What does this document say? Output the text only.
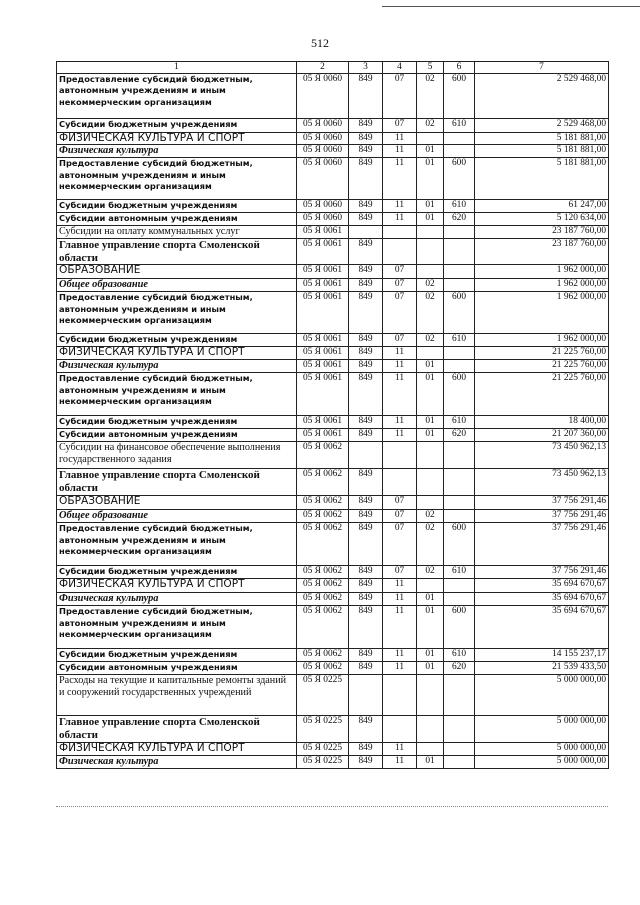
512
1	2	3	4	5	6	7
Предоставление субсидий бюджетным, автономным учреждениям и иным некоммерческим организациям	05 Я 0060	849	07	02	600	2 529 468,00
Субсидии бюджетным учреждениям	05 Я 0060	849	07	02	610	2 529 468,00
ФИЗИЧЕСКАЯ КУЛЬТУРА И СПОРТ	05 Я 0060	849	11			5 181 881,00
Физическая культура	05 Я 0060	849	11	01		5 181 881,00
Предоставление субсидий бюджетным, автономным учреждениям и иным некоммерческим организациям	05 Я 0060	849	11	01	600	5 181 881,00
Субсидии бюджетным учреждениям	05 Я 0060	849	11	01	610	61 247,00
Субсидии автономным учреждениям	05 Я 0060	849	11	01	620	5 120 634,00
Субсидии на оплату коммунальных услуг	05 Я 0061					23 187 760,00
Главное управление спорта Смоленской области	05 Я 0061	849				23 187 760,00
ОБРАЗОВАНИЕ	05 Я 0061	849	07			1 962 000,00
Общее образование	05 Я 0061	849	07	02		1 962 000,00
Предоставление субсидий бюджетным, автономным учреждениям и иным некоммерческим организациям	05 Я 0061	849	07	02	600	1 962 000,00
Субсидии бюджетным учреждениям	05 Я 0061	849	07	02	610	1 962 000,00
ФИЗИЧЕСКАЯ КУЛЬТУРА И СПОРТ	05 Я 0061	849	11			21 225 760,00
Физическая культура	05 Я 0061	849	11	01		21 225 760,00
Предоставление субсидий бюджетным, автономным учреждениям и иным некоммерческим организациям	05 Я 0061	849	11	01	600	21 225 760,00
Субсидии бюджетным учреждениям	05 Я 0061	849	11	01	610	18 400,00
Субсидии автономным учреждениям	05 Я 0061	849	11	01	620	21 207 360,00
Субсидии на финансовое обеспечение выполнения государственного задания	05 Я 0062					73 450 962,13
Главное управление спорта Смоленской области	05 Я 0062	849				73 450 962,13
ОБРАЗОВАНИЕ	05 Я 0062	849	07			37 756 291,46
Общее образование	05 Я 0062	849	07	02		37 756 291,46
Предоставление субсидий бюджетным, автономным учреждениям и иным некоммерческим организациям	05 Я 0062	849	07	02	600	37 756 291,46
Субсидии бюджетным учреждениям	05 Я 0062	849	07	02	610	37 756 291,46
ФИЗИЧЕСКАЯ КУЛЬТУРА И СПОРТ	05 Я 0062	849	11			35 694 670,67
Физическая культура	05 Я 0062	849	11	01		35 694 670,67
Предоставление субсидий бюджетным, автономным учреждениям и иным некоммерческим организациям	05 Я 0062	849	11	01	600	35 694 670,67
Субсидии бюджетным учреждениям	05 Я 0062	849	11	01	610	14 155 237,17
Субсидии автономным учреждениям	05 Я 0062	849	11	01	620	21 539 433,50
Расходы на текущие и капитальные ремонты зданий и сооружений государственных учреждений	05 Я 0225					5 000 000,00
Главное управление спорта Смоленской области	05 Я 0225	849				5 000 000,00
ФИЗИЧЕСКАЯ КУЛЬТУРА И СПОРТ	05 Я 0225	849	11			5 000 000,00
Физическая культура	05 Я 0225	849	11	01		5 000 000,00
